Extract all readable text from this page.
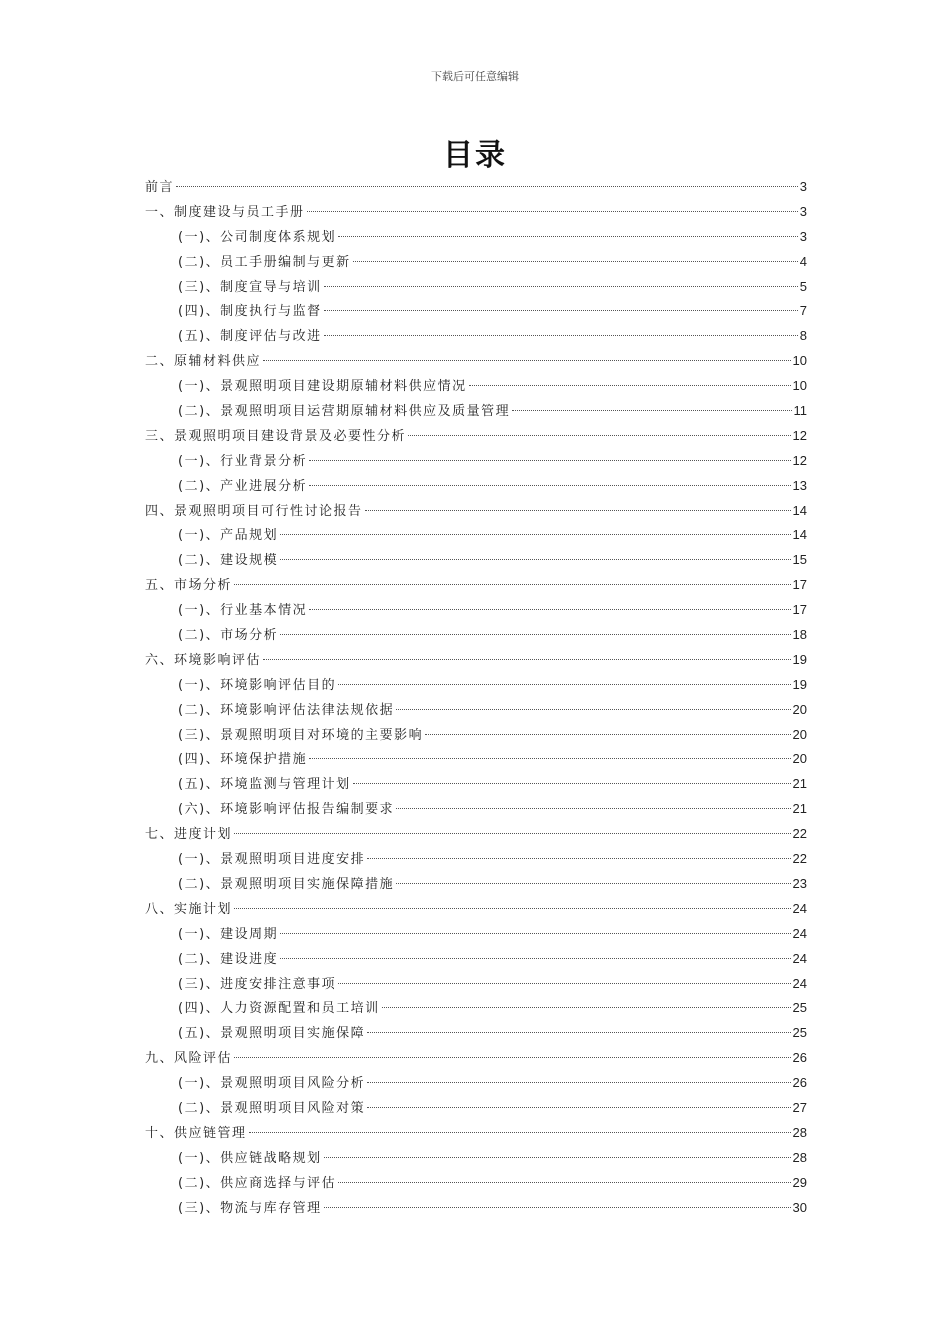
下载后可任意编辑
目录
前言	3
一、制度建设与员工手册	3
(一)、公司制度体系规划	3
(二)、员工手册编制与更新	4
(三)、制度宣导与培训	5
(四)、制度执行与监督	7
(五)、制度评估与改进	8
二、原辅材料供应	10
(一)、景观照明项目建设期原辅材料供应情况	10
(二)、景观照明项目运营期原辅材料供应及质量管理	11
三、景观照明项目建设背景及必要性分析	12
(一)、行业背景分析	12
(二)、产业进展分析	13
四、景观照明项目可行性讨论报告	14
(一)、产品规划	14
(二)、建设规模	15
五、市场分析	17
(一)、行业基本情况	17
(二)、市场分析	18
六、环境影响评估	19
(一)、环境影响评估目的	19
(二)、环境影响评估法律法规依据	20
(三)、景观照明项目对环境的主要影响	20
(四)、环境保护措施	20
(五)、环境监测与管理计划	21
(六)、环境影响评估报告编制要求	21
七、进度计划	22
(一)、景观照明项目进度安排	22
(二)、景观照明项目实施保障措施	23
八、实施计划	24
(一)、建设周期	24
(二)、建设进度	24
(三)、进度安排注意事项	24
(四)、人力资源配置和员工培训	25
(五)、景观照明项目实施保障	25
九、风险评估	26
(一)、景观照明项目风险分析	26
(二)、景观照明项目风险对策	27
十、供应链管理	28
(一)、供应链战略规划	28
(二)、供应商选择与评估	29
(三)、物流与库存管理	30
